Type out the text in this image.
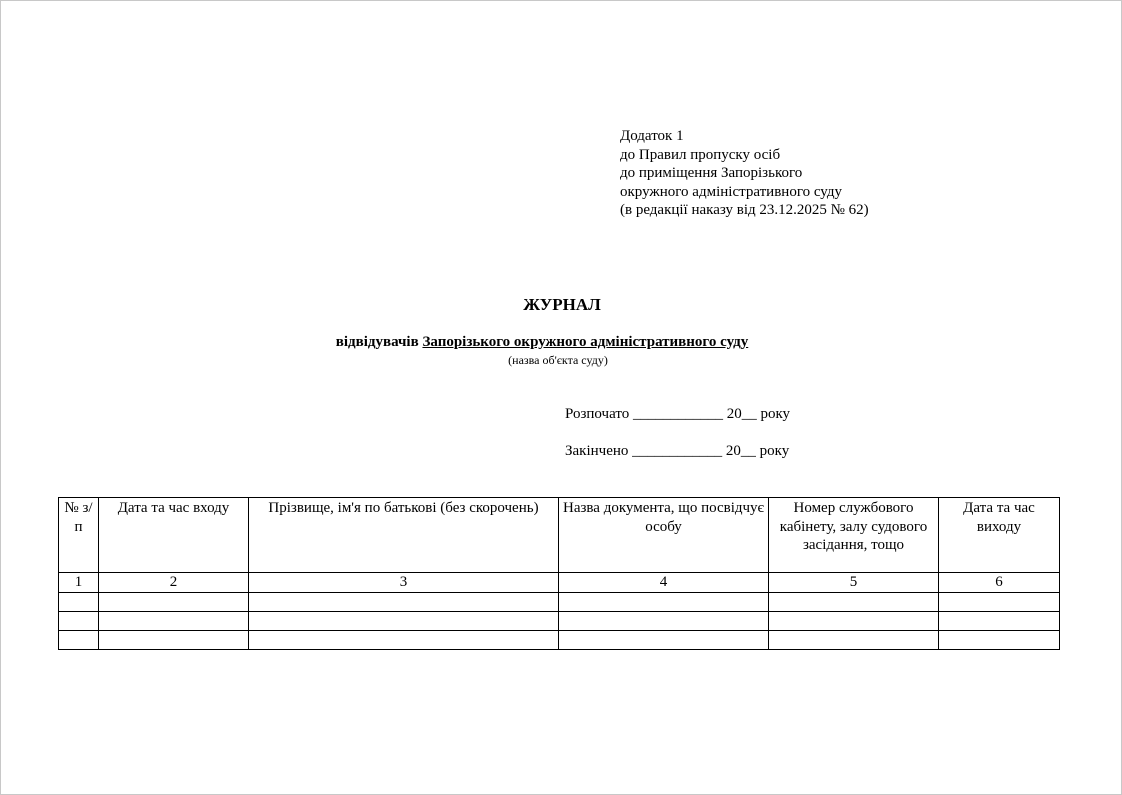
Додаток 1
до Правил пропуску осіб
до приміщення Запорізького
окружного адміністративного суду
(в редакції наказу від 23.12.2025 № 62)
ЖУРНАЛ
відвідувачів Запорізького окружного адміністративного суду
(назва об'єкта суду)
Розпочато ____________ 20__ року
Закінчено ____________ 20__ року
№ з/п	Дата та час входу	Прізвище, ім'я по батькові (без скорочень)	Назва документа, що посвідчує особу	Номер службового кабінету, залу судового засідання, тощо	Дата та час виходу
1	2	3	4	5	6
